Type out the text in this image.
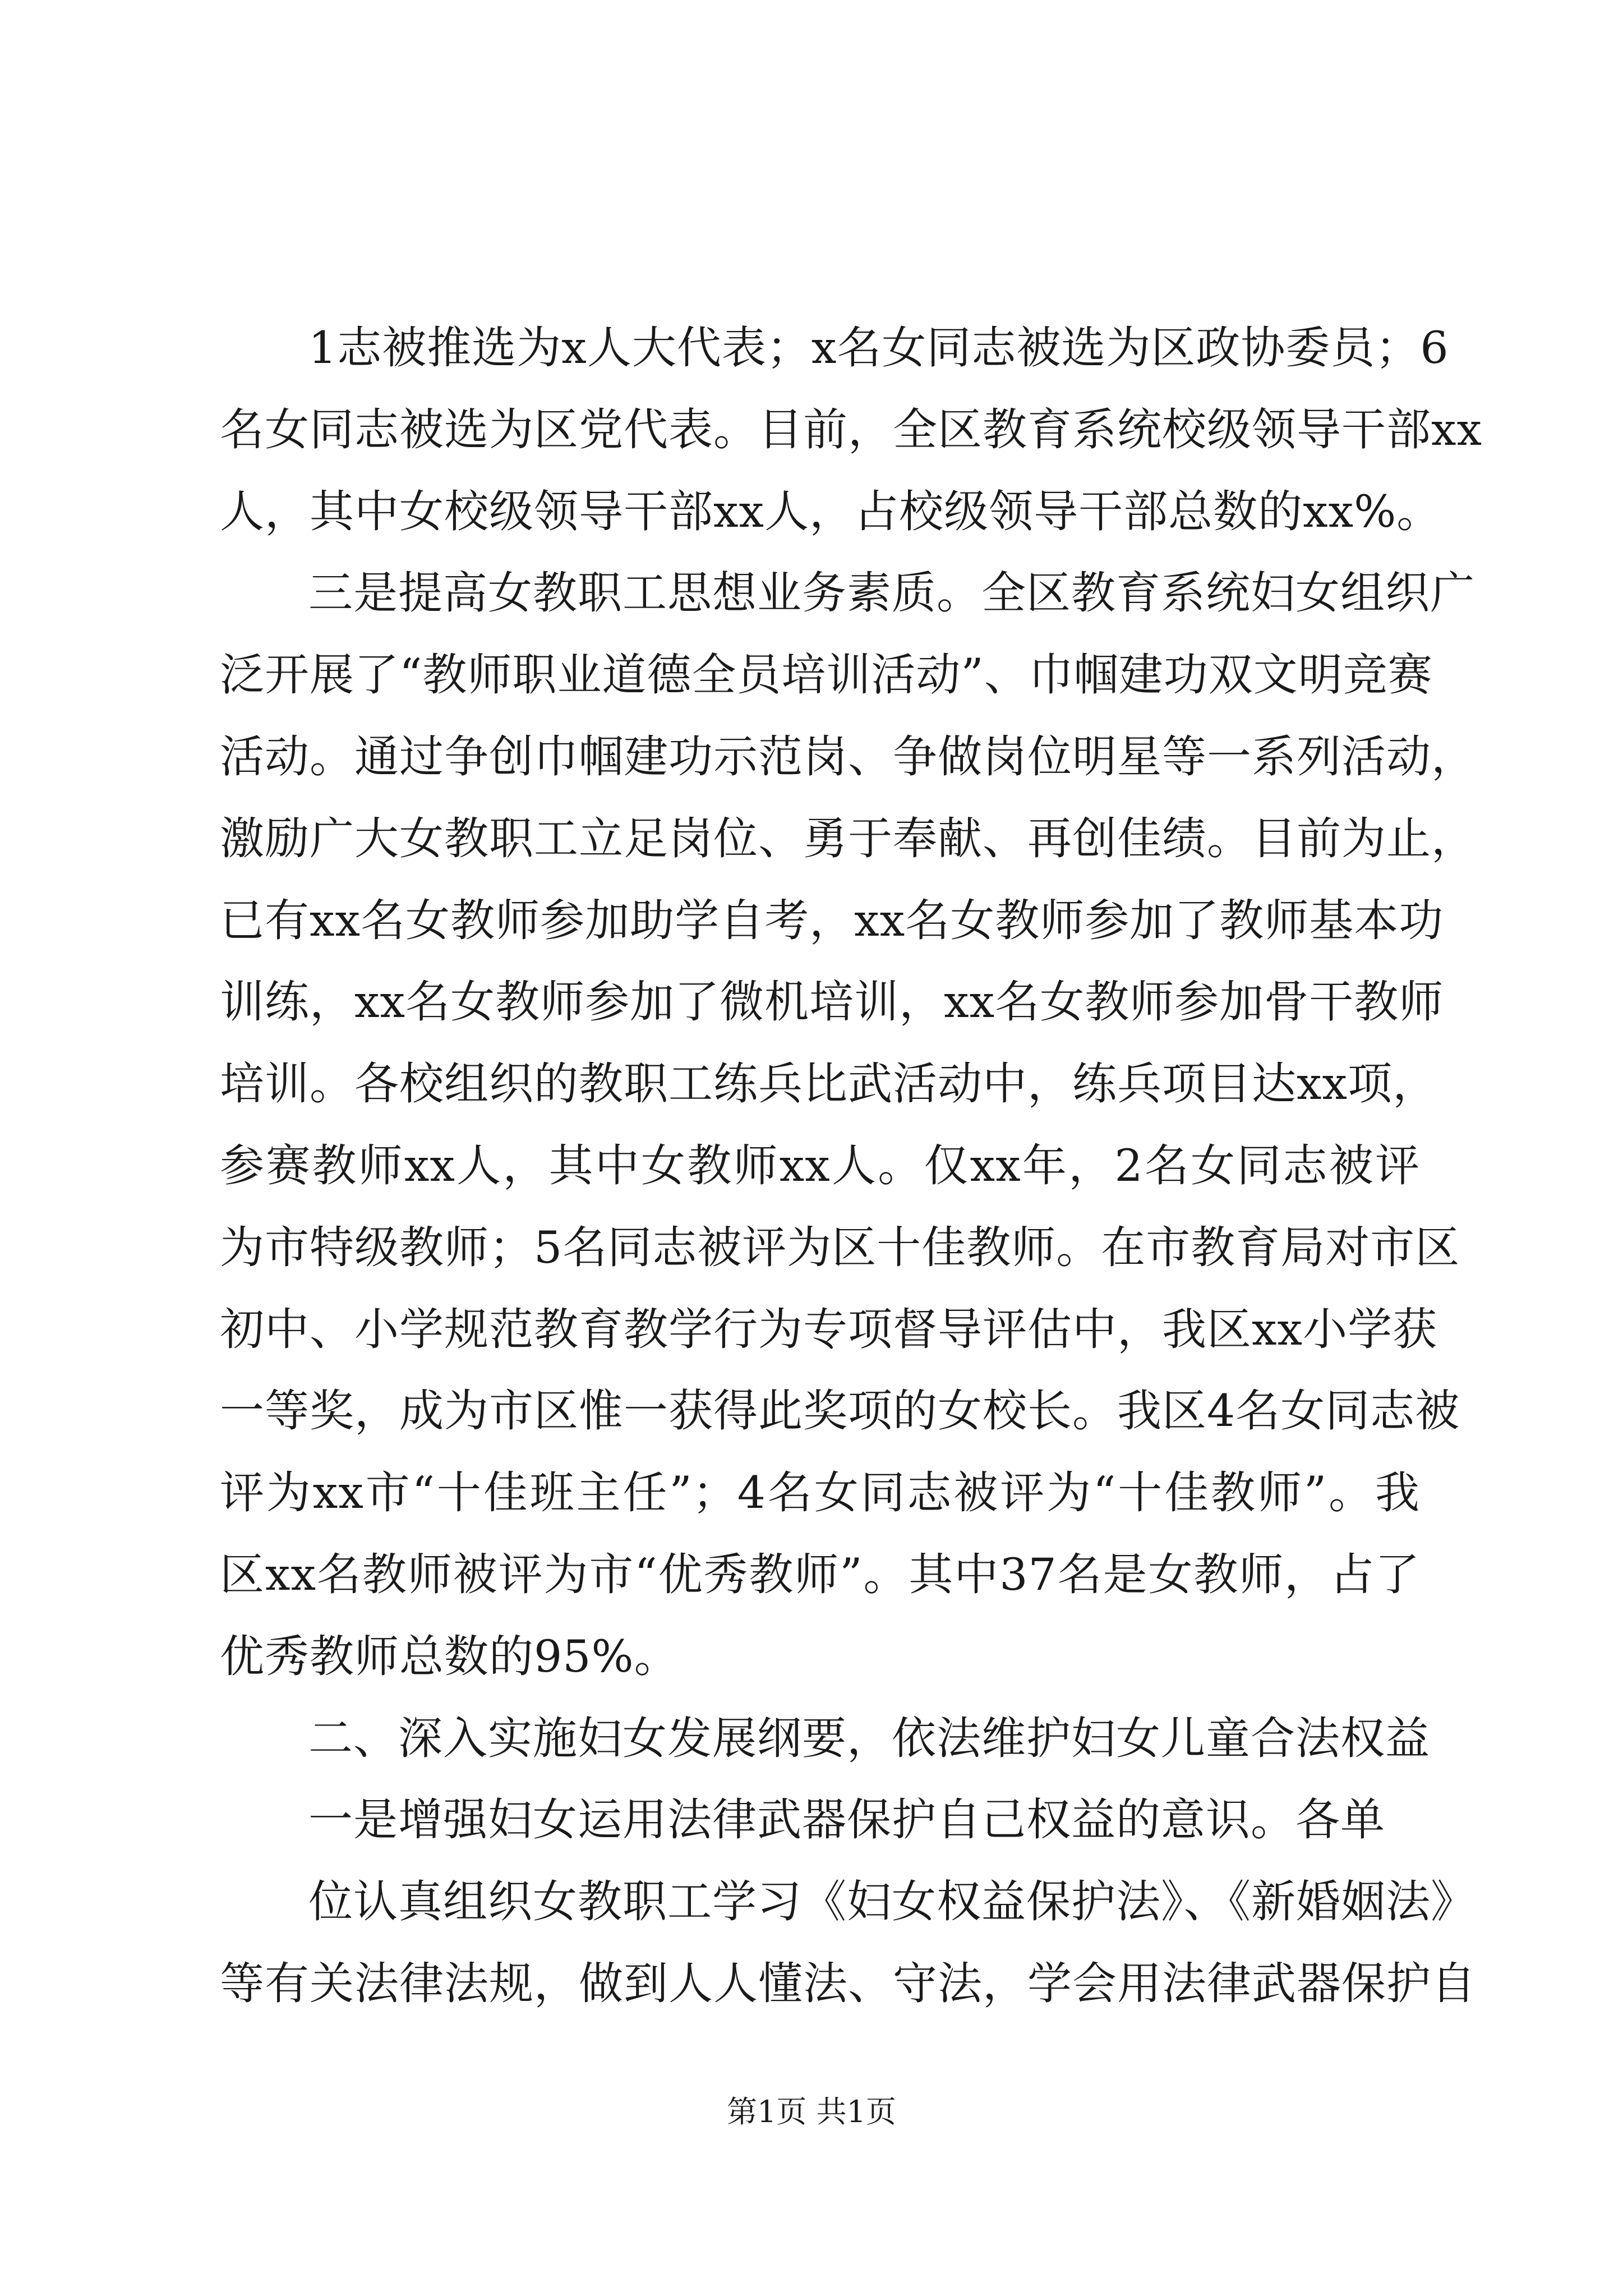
1志被推选为x人大代表；x名女同志被选为区政协委员；6
名女同志被选为区党代表。目前，全区教育系统校级领导干部xx
人，其中女校级领导干部xx人，占校级领导干部总数的xx%。
三是提高女教职工思想业务素质。全区教育系统妇女组织广
泛开展了“教师职业道德全员培训活动”、巾帼建功双文明竞赛
活动。通过争创巾帼建功示范岗、争做岗位明星等一系列活动，
激励广大女教职工立足岗位、勇于奉献、再创佳绩。目前为止，
已有xx名女教师参加助学自考，xx名女教师参加了教师基本功
训练，xx名女教师参加了微机培训，xx名女教师参加骨干教师
培训。各校组织的教职工练兵比武活动中，练兵项目达xx项，
参赛教师xx人，其中女教师xx人。仅xx年，2名女同志被评
为市特级教师；5名同志被评为区十佳教师。在市教育局对市区
初中、小学规范教育教学行为专项督导评估中，我区xx小学获
一等奖，成为市区惟一获得此奖项的女校长。我区4名女同志被
评为xx市“十佳班主任”；4名女同志被评为“十佳教师”。我
区xx名教师被评为市“优秀教师”。其中37名是女教师，占了
优秀教师总数的95%。
二、深入实施妇女发展纲要，依法维护妇女儿童合法权益
一是增强妇女运用法律武器保护自己权益的意识。各单
位认真组织女教职工学习《妇女权益保护法》、《新婚姻法》
等有关法律法规，做到人人懂法、守法，学会用法律武器保护自
第1页 共1页
